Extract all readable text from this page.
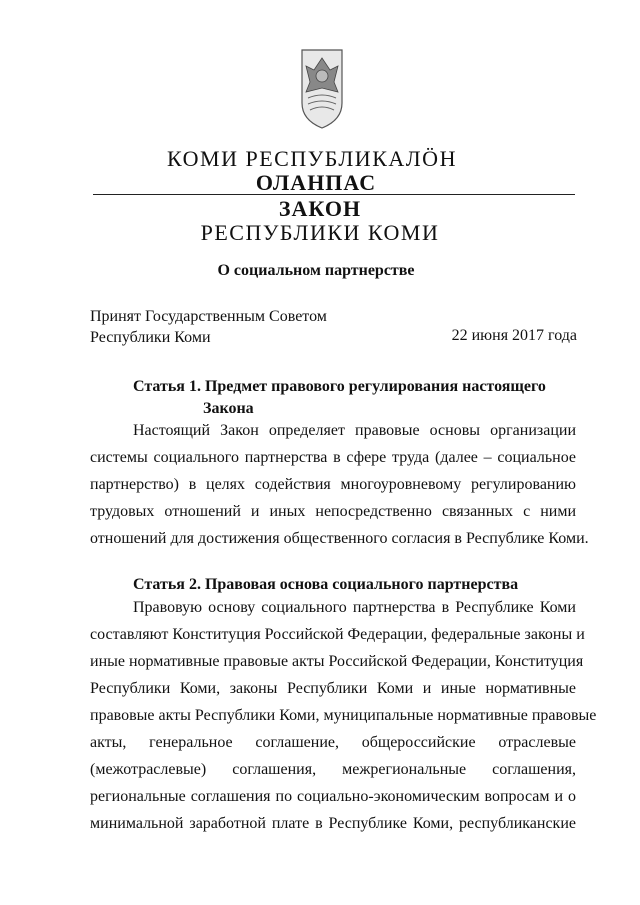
КОМИ РЕСПУБЛИКАЛӦН
ОЛАНПАС
ЗАКОН
РЕСПУБЛИКИ КОМИ
О социальном партнерстве
Принят Государственным Советом
Республики Коми	22 июня 2017 года
Статья 1. Предмет правового регулирования настоящего
Закона
Настоящий Закон определяет правовые основы организации
системы социального партнерства в сфере труда (далее – социальное
партнерство) в целях содействия многоуровневому регулированию
трудовых отношений и иных непосредственно связанных с ними
отношений для достижения общественного согласия в Республике Коми.
Статья 2. Правовая основа социального партнерства
Правовую основу социального партнерства в Республике Коми
составляют Конституция Российской Федерации, федеральные законы и
иные нормативные правовые акты Российской Федерации, Конституция
Республики Коми, законы Республики Коми и иные нормативные
правовые акты Республики Коми, муниципальные нормативные правовые
акты, генеральное соглашение, общероссийские отраслевые
(межотраслевые) соглашения, межрегиональные соглашения,
региональные соглашения по социально-экономическим вопросам и о
минимальной заработной плате в Республике Коми, республиканские
